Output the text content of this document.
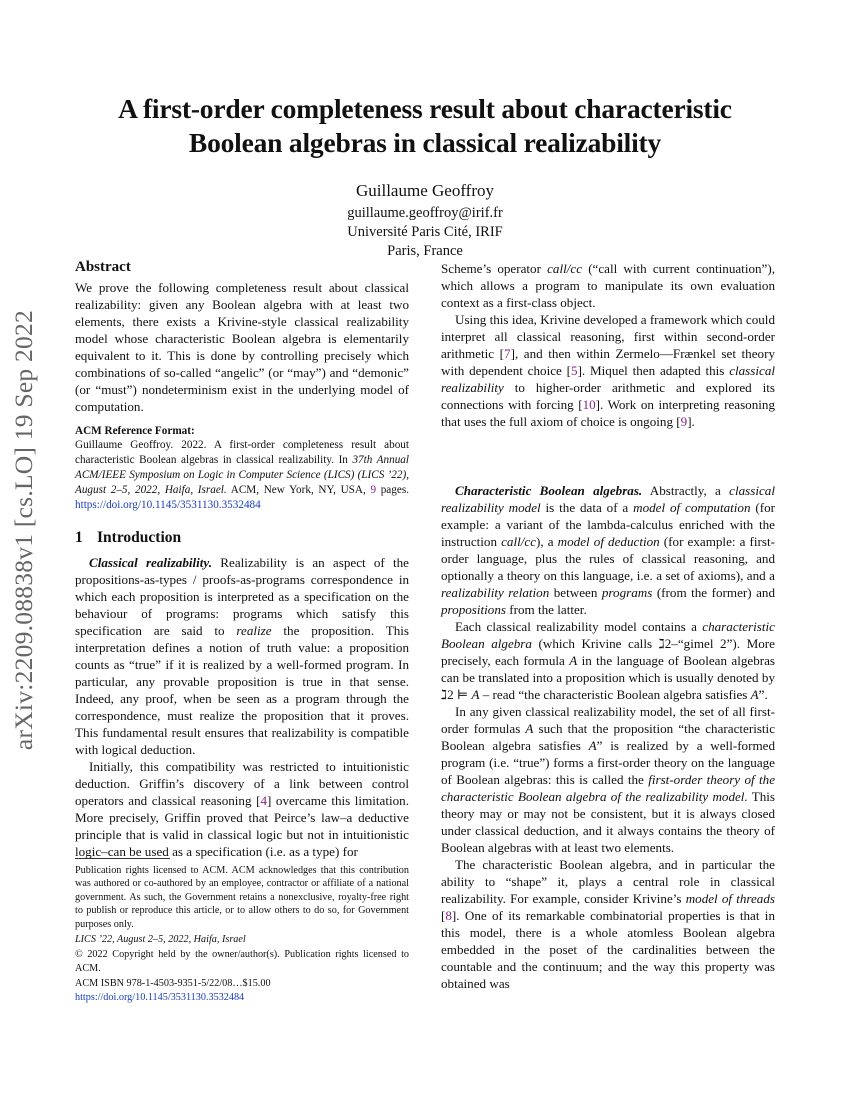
A first-order completeness result about characteristic
Boolean algebras in classical realizability
Guillaume Geoffroy
guillaume.geoffroy@irif.fr
Université Paris Cité, IRIF
Paris, France
arXiv:2209.08838v1 [cs.LO] 19 Sep 2022
Abstract

We prove the following completeness result about classical realizability: given any Boolean algebra with at least two elements, there exists a Krivine-style classical realizability model whose characteristic Boolean algebra is elementarily equivalent to it. This is done by controlling precisely which combinations of so-called “angelic” (or “may”) and “demonic” (or “must”) nondeterminism exist in the underlying model of computation.

ACM Reference Format:

Guillaume Geoffroy. 2022. A first-order completeness result about characteristic Boolean algebras in classical realizability. In 37th Annual ACM/IEEE Symposium on Logic in Computer Science (LICS) (LICS ’22), August 2–5, 2022, Haifa, Israel. ACM, New York, NY, USA, 9 pages. https://doi.org/10.1145/3531130.3532484

1 Introduction

Classical realizability. Realizability is an aspect of the propositions-as-types / proofs-as-programs correspondence in which each proposition is interpreted as a specification on the behaviour of programs: programs which satisfy this specification are said to realize the proposition. This interpretation defines a notion of truth value: a proposition counts as “true” if it is realized by a well-formed program. In particular, any provable proposition is true in that sense. Indeed, any proof, when be seen as a program through the correspondence, must realize the proposition that it proves. This fundamental result ensures that realizability is compatible with logical deduction.

Initially, this compatibility was restricted to intuitionistic deduction. Griffin’s discovery of a link between control operators and classical reasoning [4] overcame this limitation. More precisely, Griffin proved that Peirce’s law–a deductive principle that is valid in classical logic but not in intuitionistic logic–can be used as a specification (i.e. as a type) for

Publication rights licensed to ACM. ACM acknowledges that this contribution was authored or co-authored by an employee, contractor or affiliate of a national government. As such, the Government retains a nonexclusive, royalty-free right to publish or reproduce this article, or to allow others to do so, for Government purposes only.

LICS ’22, August 2–5, 2022, Haifa, Israel

© 2022 Copyright held by the owner/author(s). Publication rights licensed to ACM.

ACM ISBN 978-1-4503-9351-5/22/08…$15.00

https://doi.org/10.1145/3531130.3532484

Scheme’s operator call/cc (“call with current continuation”), which allows a program to manipulate its own evaluation context as a first-class object.

Using this idea, Krivine developed a framework which could interpret all classical reasoning, first within second-order arithmetic [7], and then within Zermelo—Frænkel set theory with dependent choice [5]. Miquel then adapted this classical realizability to higher-order arithmetic and explored its connections with forcing [10]. Work on interpreting reasoning that uses the full axiom of choice is ongoing [9].

Characteristic Boolean algebras. Abstractly, a classical realizability model is the data of a model of computation (for example: a variant of the lambda-calculus enriched with the instruction call/cc), a model of deduction (for example: a first-order language, plus the rules of classical reasoning, and optionally a theory on this language, i.e. a set of axioms), and a realizability relation between programs (from the former) and propositions from the latter.

Each classical realizability model contains a characteristic Boolean algebra (which Krivine calls ℷ2–“gimel 2”). More precisely, each formula A in the language of Boolean algebras can be translated into a proposition which is usually denoted by ℷ2 ⊨ A – read “the characteristic Boolean algebra satisfies A”.

In any given classical realizability model, the set of all first-order formulas A such that the proposition “the characteristic Boolean algebra satisfies A” is realized by a well-formed program (i.e. “true”) forms a first-order theory on the language of Boolean algebras: this is called the first-order theory of the characteristic Boolean algebra of the realizability model. This theory may or may not be consistent, but it is always closed under classical deduction, and it always contains the theory of Boolean algebras with at least two elements.

The characteristic Boolean algebra, and in particular the ability to “shape” it, plays a central role in classical realizability. For example, consider Krivine’s model of threads [8]. One of its remarkable combinatorial properties is that in this model, there is a whole atomless Boolean algebra embedded in the poset of the cardinalities between the countable and the continuum; and the way this property was obtained was
